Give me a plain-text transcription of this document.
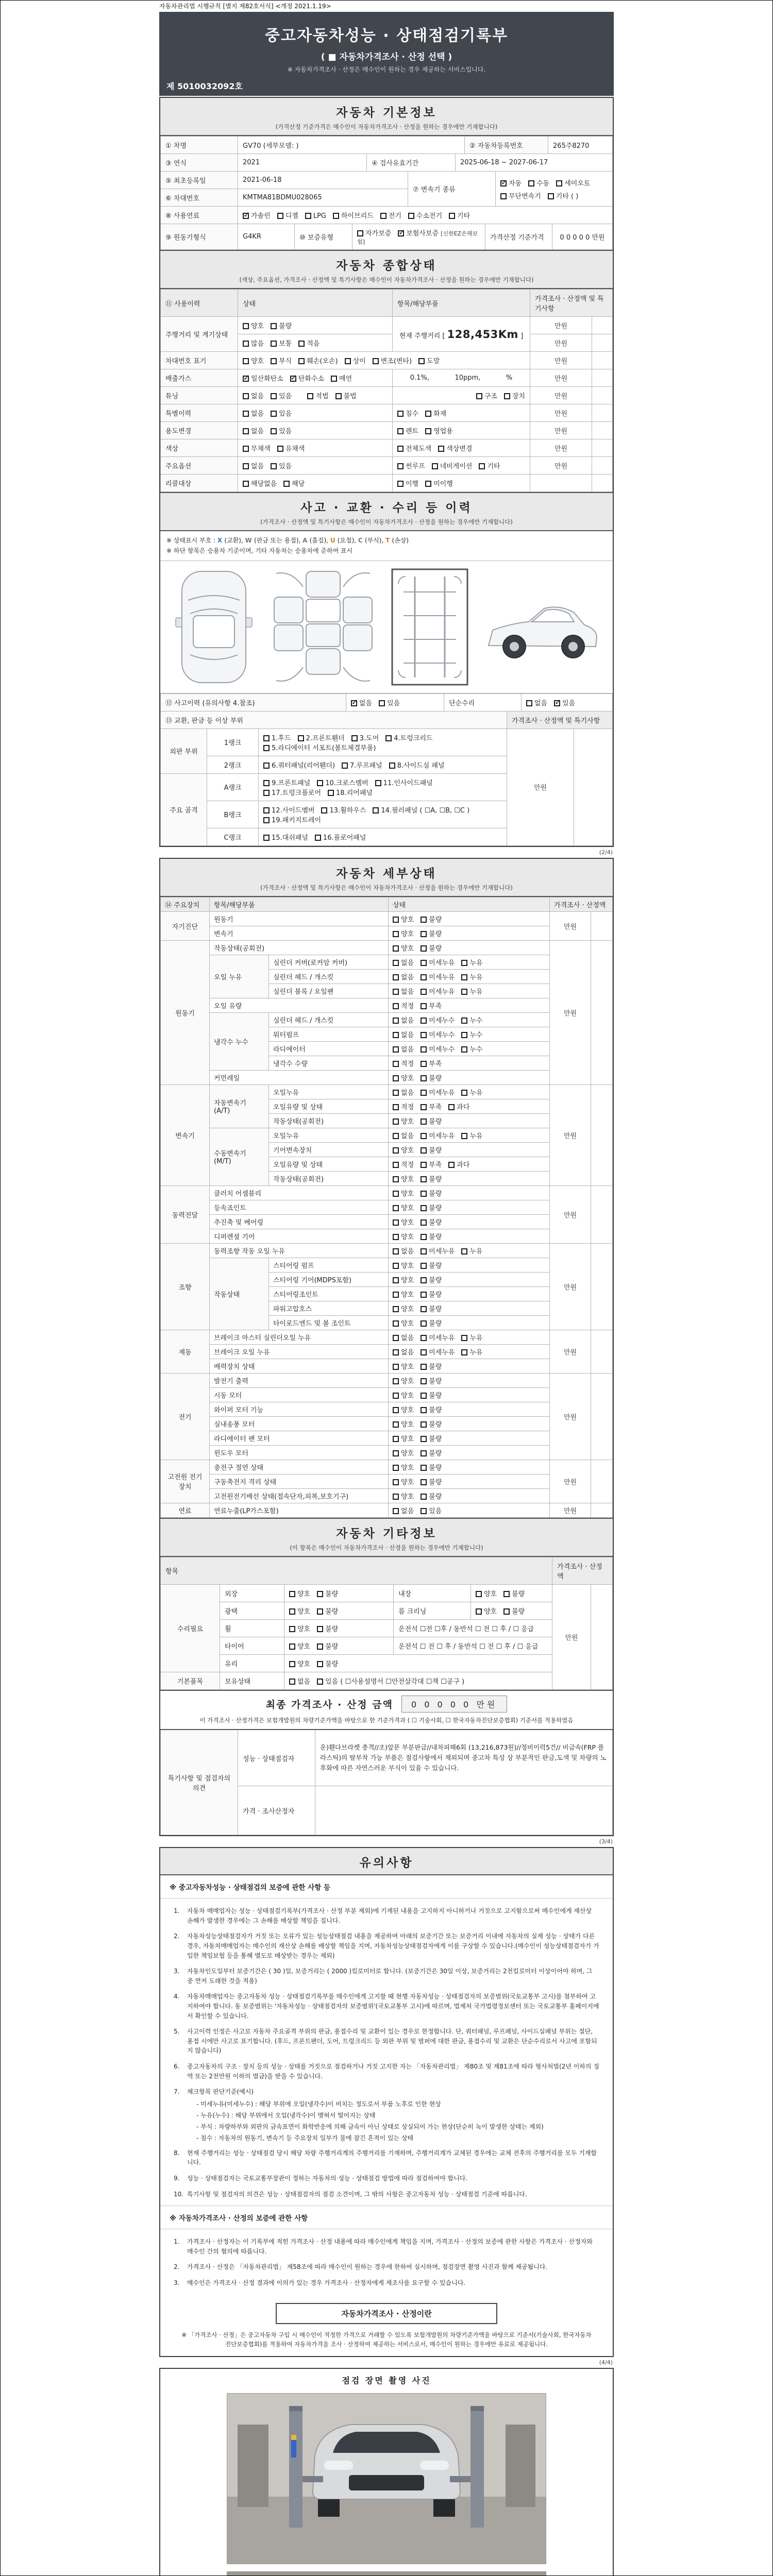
자동차관리법 시행규칙 [별지 제82호서식] <개정 2021.1.19>
중고자동차성능 · 상태점검기록부
( ■ 자동차가격조사 · 산정 선택 )
※ 자동차가격조사 · 산정은 매수인이 원하는 경우 제공하는 서비스입니다.
제 5010032092호
자동차 기본정보
(가격산정 기준가격은 매수인이 자동차가격조사 · 산정을 원하는 경우에만 기재합니다)
① 차명	GV70 (세부모델: )	② 자동차등록번호	265주8270
③ 연식	2021	④ 검사유효기간	2025-06-18 ~ 2027-06-17
⑤ 최초등록일	2021-06-18	⑦ 변속기 종류	
✓자동 수동 세미오토
무단변속기 기타 ( )

⑥ 차대번호	KMTMA81BDMU028065		
⑧ 사용연료	✓가솔린 디젤 LPG 하이브리드 전기 수소전기 기타
⑨ 원동기형식	G4KR	⑩ 보증유형	자가보증 ✓ 보험사보증 [신한EZ손해보험]	가격산정 기준가격	0 0 0 0 0 만원
자동차 종합상태
(색상, 주요옵션, 가격조사 · 산정액 및 특기사항은 매수인이 자동차가격조사 · 산정을 원하는 경우에만 기재합니다)
⑪ 사용이력	상태	항목/해당부품	가격조사 · 산정액 및 특기사항	
주행거리 및 계기상태	양호 불량	현재 주행거리 [ 128,453Km ]	만원	
	많음 보통 적음		만원	
차대번호 표기	양호 부식 훼손(오손) 상이 변조(변타) 도말		만원	
배출가스	✓일산화탄소 ✓ 탄화수소 매연	0.1%, 10ppm, %	만원	
튜닝	없음 있음 적법 불법	구조 장치	만원	
특별이력	없음 있음	침수 화재	만원	
용도변경	없음 있음	렌트 영업용	만원	
색상	무채색 유채색	전체도색 색상변경	만원	
주요옵션	없음 있음	썬루프 네비게이션 기타	만원	
리콜대상	해당없음 해당	이행 미이행		
사고 · 교환 · 수리 등 이력
(가격조사 · 산정액 및 특기사항은 매수인이 자동차가격조사 · 산정을 원하는 경우에만 기재합니다)
※ 상태표시 부호 : X (교환), W (판금 또는 용접), A (흠집), U (요철), C (부식), T (손상)
※ 하단 항목은 승용차 기준이며, 기타 자동차는 승용차에 준하여 표시
⑫ 사고이력 (유의사항 4.참조)	✓없음 있음	단순수리	없음 ✓ 있음
⑬ 교환, 판금 등 이상 부위			가격조사 · 산정액 및 특기사항	
외판 부위	1랭크	1.후드 2.프론트휀더 3.도어 4.트렁크리드5.라디에이터 서포트(볼트체결부품)	만원	
	2랭크	6.쿼터패널(리어휀더) 7.루프패널 8.사이드실 패널		
주요 골격	A랭크	9.프론트패널 10.크로스멤버 11.인사이드패널17.트렁크플로어 18.리어패널		
	B랭크	12.사이드멤버 13.휠하우스 14.필러패널 ( ☐A, ☐B, ☐C )19.패키지트레이		
	C랭크	15.대쉬패널 16.플로어패널		
(2/4)
자동차 세부상태
(가격조사 · 산정액 및 특기사항은 매수인이 자동차가격조사 · 산정을 원하는 경우에만 기재합니다)
⑭ 주요장치	항목/해당부품		상태	가격조사 · 산정액	
자기진단	원동기		양호 불량	만원	
	변속기		양호 불량		
원동기	작동상태(공회전)		양호 불량	만원	
	오일 누유	실린더 커버(로커암 커버)	없음 미세누유 누유		
		실린더 헤드 / 개스킷	없음 미세누유 누유		
		실린더 블록 / 오일팬	없음 미세누유 누유		
	오일 유량		적정 부족		
	냉각수 누수	실린더 헤드 / 개스킷	없음 미세누수 누수		
		워터펌프	없음 미세누수 누수		
		라디에이터	없음 미세누수 누수		
		냉각수 수량	적정 부족		
	커먼레일		양호 불량		
변속기	자동변속기 (A/T)	오일누유	없음 미세누유 누유	만원	
		오일유량 및 상태	적정 부족 과다		
		작동상태(공회전)	양호 불량		
	수동변속기 (M/T)	오일누유	없음 미세누유 누유		
		기어변속장치	양호 불량		
		오일유량 및 상태	적정 부족 과다		
		작동상태(공회전)	양호 불량		
동력전달	클러치 어셈블리		양호 불량	만원	
	등속죠인트		양호 불량		
	추진축 및 베어링		양호 불량		
	디퍼렌셜 기어		양호 불량		
조향	동력조향 작동 오일 누유		없음 미세누유 누유	만원	
	작동상태	스티어링 펌프	양호 불량		
		스티어링 기어(MDPS포함)	양호 불량		
		스티어링조인트	양호 불량		
		파워고압호스	양호 불량		
		타이로드엔드 및 볼 조인트	양호 불량		
제동	브레이크 마스터 실린더오일 누유		없음 미세누유 누유	만원	
	브레이크 오일 누유		없음 미세누유 누유		
	배력장치 상태		양호 불량		
전기	발전기 출력		양호 불량	만원	
	시동 모터		양호 불량		
	와이퍼 모터 기능		양호 불량		
	실내송풍 모터		양호 불량		
	라디에이터 팬 모터		양호 불량		
	윈도우 모터		양호 불량		
고전원 전기장치	충전구 절연 상태		양호 불량	만원	
	구동축전지 격리 상태		양호 불량		
	고전원전기배선 상태(접속단자,피복,보호기구)		양호 불량		
연료	연료누출(LP가스포함)		없음 있음	만원	
자동차 기타정보
(이 항목은 매수인이 자동차가격조사 · 산정을 원하는 경우에만 기재합니다)
항목					가격조사 · 산정액	
수리필요	외장	양호 불량	내장	양호 불량	만원	
	광택	양호 불량	룸 크리닝	양호 불량		
	휠	양호 불량	운전석 ☐전 ☐후 / 동반석 ☐ 전 ☐ 후 / ☐ 응급			
	타이어	양호 불량	운전석 ☐ 전 ☐ 후 / 동반석 ☐ 전 ☐ 후 / ☐ 응급			
	유리	양호 불량				
기본품목	보유상태	없음 있음 ( ☐사용설명서 ☐안전삼각대 ☐잭 ☐공구 )				
최종 가격조사 · 산정 금액	0 0 0 0 0 만원
이 가격조사 · 산정가격은 보험개발원의 차량기준가액을 바탕으로 한 기준가격과 ( ☐ 기술사회, ☐ 한국자동차진단보증협회) 기준서를 적용하였음
특기사항 및 점검자의 의견	성능 · 상태점검자	운)휀다브라켓 충격//조)앞문 부분판금//내차피해6회 (13,216,873원)//정비이력5건// 비금속(FRP 플라스틱)의 탈부착 가능 부품은 점검사항에서 제외되며 중고차 특성 상 부분적인 판금,도색 및 차량의 노후화에 따른 자연스러운 부식이 있을 수 있습니다.
	가격 · 조사산정자	
(3/4)
유의사항
※ 중고자동차성능 · 상태점검의 보증에 관한 사항 등
1.	자동차 매매업자는 성능 · 상태점검기록부(가격조사 · 산정 부분 제외)에 기재된 내용을 고지하지 아니하거나 거짓으로 고지함으로써 매수인에게 재산상 손해가 발생한 경우에는 그 손해를 배상할 책임을 집니다.
2.	자동차성능상태점검자가 거짓 또는 오류가 있는 성능상태점검 내용을 제공하여 아래의 보증기간 또는 보증거리 이내에 자동차의 실제 성능 · 상태가 다른 경우, 자동차매매업자는 매수인의 재산상 손해를 배상할 책임을 지며, 자동차성능상태점검자에게 이를 구상할 수 있습니다.(매수인이 성능상태점검자가 가입한 책임보험 등을 통해 별도로 배상받는 경우는 제외)
3.	자동차인도일부터 보증기간은 ( 30 )일, 보증거리는 ( 2000 )킬로미터로 합니다. (보증기간은 30일 이상, 보증거리는 2천킬로미터 이상이어야 하며, 그 중 먼저 도래한 것을 적용)
4.	자동차매매업자는 중고자동차 성능 · 상태점검기록부를 매수인에게 고지할 때 현행 자동차성능 · 상태점검자의 보증범위(국토교통부 고시)를 첨부하여 고지하여야 합니다. 동 보증범위는 '자동차성능 · 상태점검자의 보증범위'(국토교통부 고시)에 따르며, 법제처 국가법령정보센터 또는 국토교통부 홈페이지에서 확인할 수 있습니다.
5.	사고이력 인정은 사고로 자동차 주요골격 부위의 판금, 용접수리 및 교환이 있는 경우로 한정합니다. 단, 쿼터패널, 루프패널, 사이드실패널 부위는 절단, 용접 시에만 사고로 표기합니다. (후드, 프론트펜더, 도어, 트렁크리드 등 외판 부위 및 범퍼에 대한 판금, 용접수리 및 교환은 단순수리로서 사고에 포함되지 않습니다)
6.	중고자동차의 구조 · 장치 등의 성능 · 상태를 거짓으로 점검하거나 거짓 고지한 자는 「자동차관리법」 제80조 및 제81조에 따라 형사처벌(2년 이하의 징역 또는 2천만원 이하의 벌금)을 받을 수 있습니다.
7.	체크항목 판단기준(예시)
- 미세누유(미세누수) : 해당 부위에 오일(냉각수)이 비치는 정도로서 부품 노후로 인한 현상
- 누유(누수) : 해당 부위에서 오일(냉각수)이 맺혀서 떨어지는 상태
- 부식 : 차량하부와 외판의 금속표면이 화학반응에 의해 금속이 아닌 상태로 상실되어 가는 현상(단순히 녹이 발생한 상태는 제외)
- 침수 : 자동차의 원동기, 변속기 등 주요장치 일부가 물에 잠긴 흔적이 있는 상태
8.	현재 주행거리는 성능 · 상태점검 당시 해당 차량 주행거리계의 주행거리를 기재하며, 주행거리계가 교체된 경우에는 교체 전후의 주행거리를 모두 기재합니다.
9.	성능 · 상태점검자는 국토교통부장관이 정하는 자동차의 성능 · 상태점검 방법에 따라 점검하여야 합니다.
10. 특기사항 및 점검자의 의견은 성능 · 상태점검자의 점검 소견이며, 그 밖의 사항은 중고자동차 성능 · 상태점검 기준에 따릅니다.
※ 자동차가격조사 · 산정의 보증에 관한 사항
1.	가격조사 · 산정자는 이 기록부에 적힌 가격조사 · 산정 내용에 따라 매수인에게 책임을 지며, 가격조사 · 산정의 보증에 관한 사항은 가격조사 · 산정자와 매수인 간의 협의에 따릅니다.
2.	가격조사 · 산정은 「자동차관리법」 제58조에 따라 매수인이 원하는 경우에 한하여 실시하며, 점검장면 촬영 사진과 함께 제공됩니다.
3.	매수인은 가격조사 · 산정 결과에 이의가 있는 경우 가격조사 · 산정자에게 재조사를 요구할 수 있습니다.
자동차가격조사 · 산정이란
※ 「가격조사 · 산정」은 중고자동차 구입 시 매수인이 적정한 가격으로 거래할 수 있도록 보험개발원의 차량기준가액을 바탕으로 기준서(기술사회, 한국자동차진단보증협회)를 적용하여 자동차가격을 조사 · 산정하여 제공하는 서비스로서, 매수인이 원하는 경우에만 유료로 제공됩니다.
(4/4)
점검 장면 촬영 사진
